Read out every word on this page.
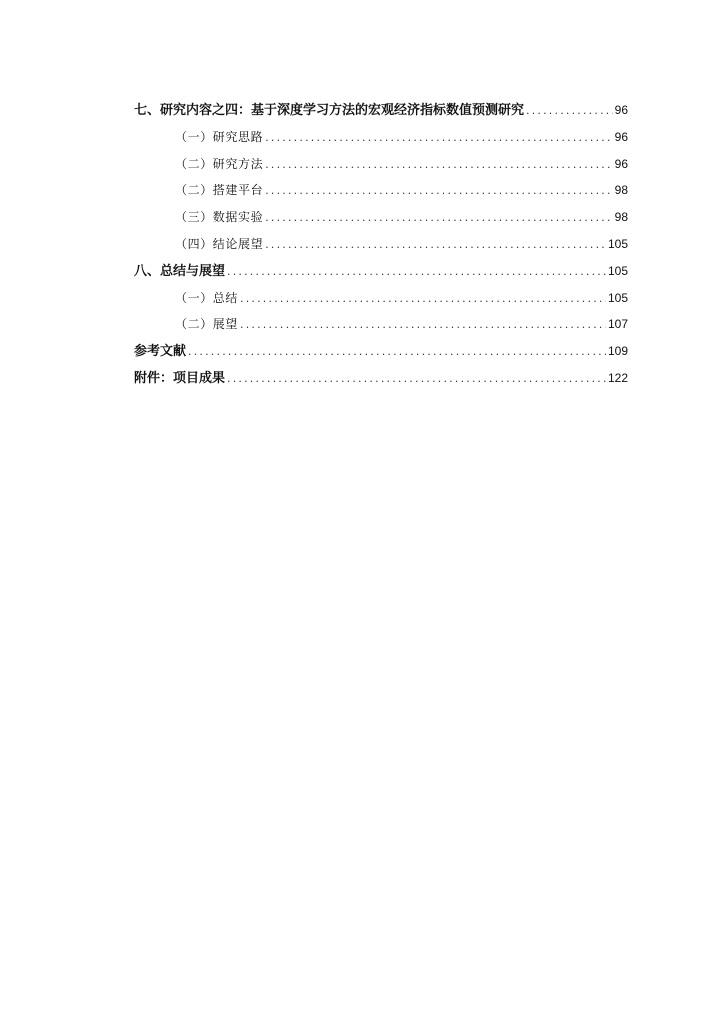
七、研究内容之四：基于深度学习方法的宏观经济指标数值预测研究 .....	96
（一）研究思路 .....	96
（二）研究方法 .....	96
（二）搭建平台 .....	98
（三）数据实验 .....	98
（四）结论展望 .....	105
八、总结与展望 .....	105
（一）总结 .....	105
（二）展望 .....	107
参考文献 .....	109
附件：项目成果 .....	122
